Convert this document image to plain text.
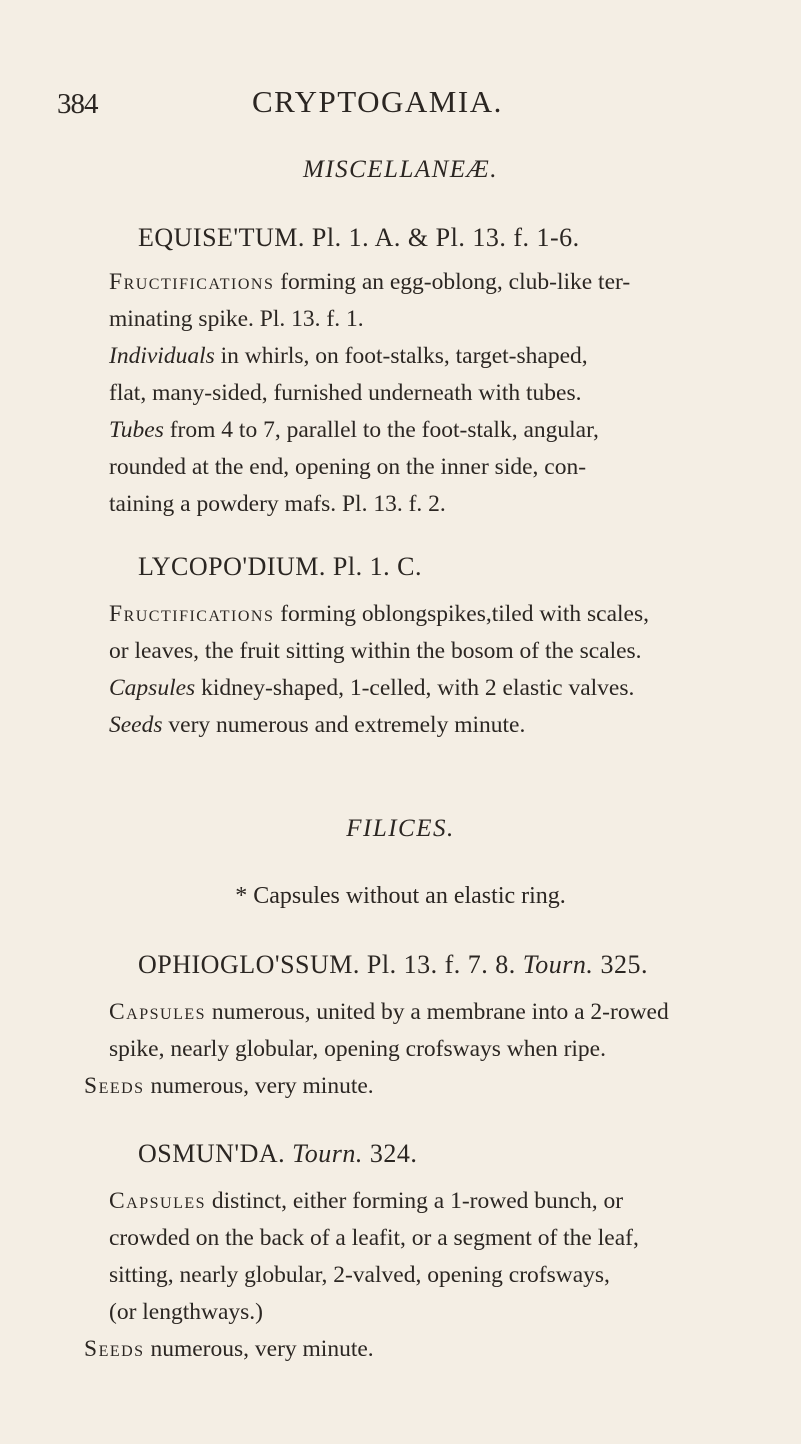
384	CRYPTOGAMIA.
MISCELLANEÆ.
EQUISE'TUM. Pl. 1. A. & Pl. 13. f. 1-6.
Fructifications forming an egg-oblong, club-like ter-
minating spike. Pl. 13. f. 1.
Individuals in whirls, on foot-stalks, target-shaped,
flat, many-sided, furnished underneath with tubes.
Tubes from 4 to 7, parallel to the foot-stalk, angular,
rounded at the end, opening on the inner side, con-
taining a powdery mafs. Pl. 13. f. 2.
LYCOPO'DIUM. Pl. 1. C.
Fructifications forming oblongspikes,tiled with scales,
or leaves, the fruit sitting within the bosom of the scales.
Capsules kidney-shaped, 1-celled, with 2 elastic valves.
Seeds very numerous and extremely minute.
FILICES.
* Capsules without an elastic ring.
OPHIOGLO'SSUM. Pl. 13. f. 7. 8. Tourn. 325.
Capsules numerous, united by a membrane into a 2-rowed
spike, nearly globular, opening crofsways when ripe.
Seeds numerous, very minute.
OSMUN'DA. Tourn. 324.
Capsules distinct, either forming a 1-rowed bunch, or
crowded on the back of a leafit, or a segment of the leaf,
sitting, nearly globular, 2-valved, opening crofsways,
(or lengthways.)
Seeds numerous, very minute.
